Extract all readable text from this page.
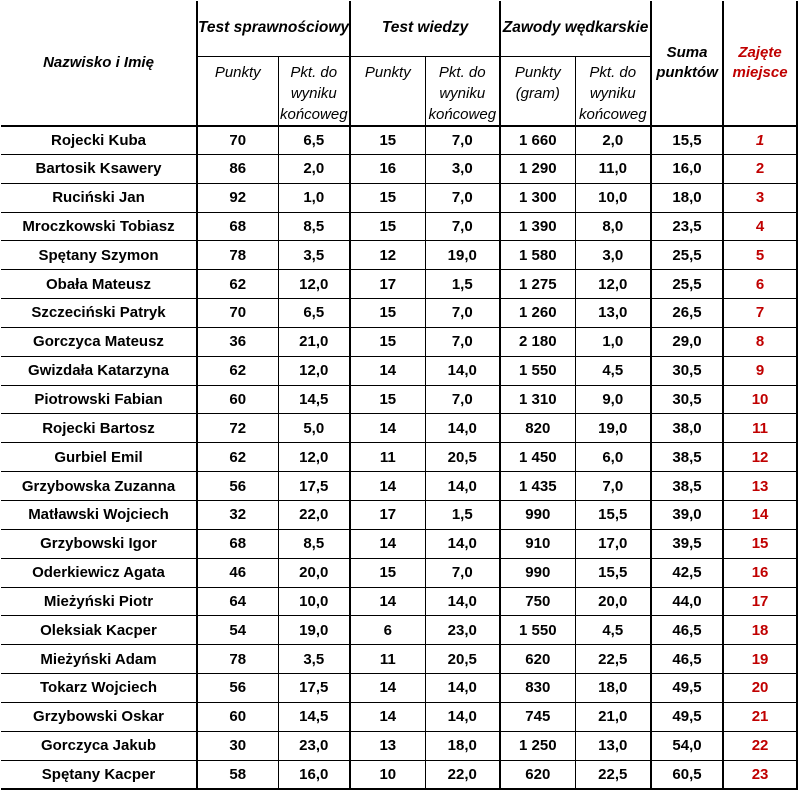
Nazwisko i Imię	Test sprawnościowy		Test wiedzy		Zawody wędkarskie		Suma punktów	Zajęte miejsce
	Punkty	Pkt. do wyniku końcoweg	Punkty	Pkt. do wyniku końcoweg	Punkty (gram)	Pkt. do wyniku końcoweg		
Rojecki Kuba	70	6,5	15	7,0	1 660	2,0	15,5	1
Bartosik Ksawery	86	2,0	16	3,0	1 290	11,0	16,0	2
Ruciński Jan	92	1,0	15	7,0	1 300	10,0	18,0	3
Mroczkowski Tobiasz	68	8,5	15	7,0	1 390	8,0	23,5	4
Spętany Szymon	78	3,5	12	19,0	1 580	3,0	25,5	5
Obała Mateusz	62	12,0	17	1,5	1 275	12,0	25,5	6
Szczeciński Patryk	70	6,5	15	7,0	1 260	13,0	26,5	7
Gorczyca Mateusz	36	21,0	15	7,0	2 180	1,0	29,0	8
Gwizdała Katarzyna	62	12,0	14	14,0	1 550	4,5	30,5	9
Piotrowski Fabian	60	14,5	15	7,0	1 310	9,0	30,5	10
Rojecki Bartosz	72	5,0	14	14,0	820	19,0	38,0	11
Gurbiel Emil	62	12,0	11	20,5	1 450	6,0	38,5	12
Grzybowska Zuzanna	56	17,5	14	14,0	1 435	7,0	38,5	13
Matławski Wojciech	32	22,0	17	1,5	990	15,5	39,0	14
Grzybowski Igor	68	8,5	14	14,0	910	17,0	39,5	15
Oderkiewicz Agata	46	20,0	15	7,0	990	15,5	42,5	16
Mieżyński Piotr	64	10,0	14	14,0	750	20,0	44,0	17
Oleksiak Kacper	54	19,0	6	23,0	1 550	4,5	46,5	18
Mieżyński Adam	78	3,5	11	20,5	620	22,5	46,5	19
Tokarz Wojciech	56	17,5	14	14,0	830	18,0	49,5	20
Grzybowski Oskar	60	14,5	14	14,0	745	21,0	49,5	21
Gorczyca Jakub	30	23,0	13	18,0	1 250	13,0	54,0	22
Spętany Kacper	58	16,0	10	22,0	620	22,5	60,5	23
